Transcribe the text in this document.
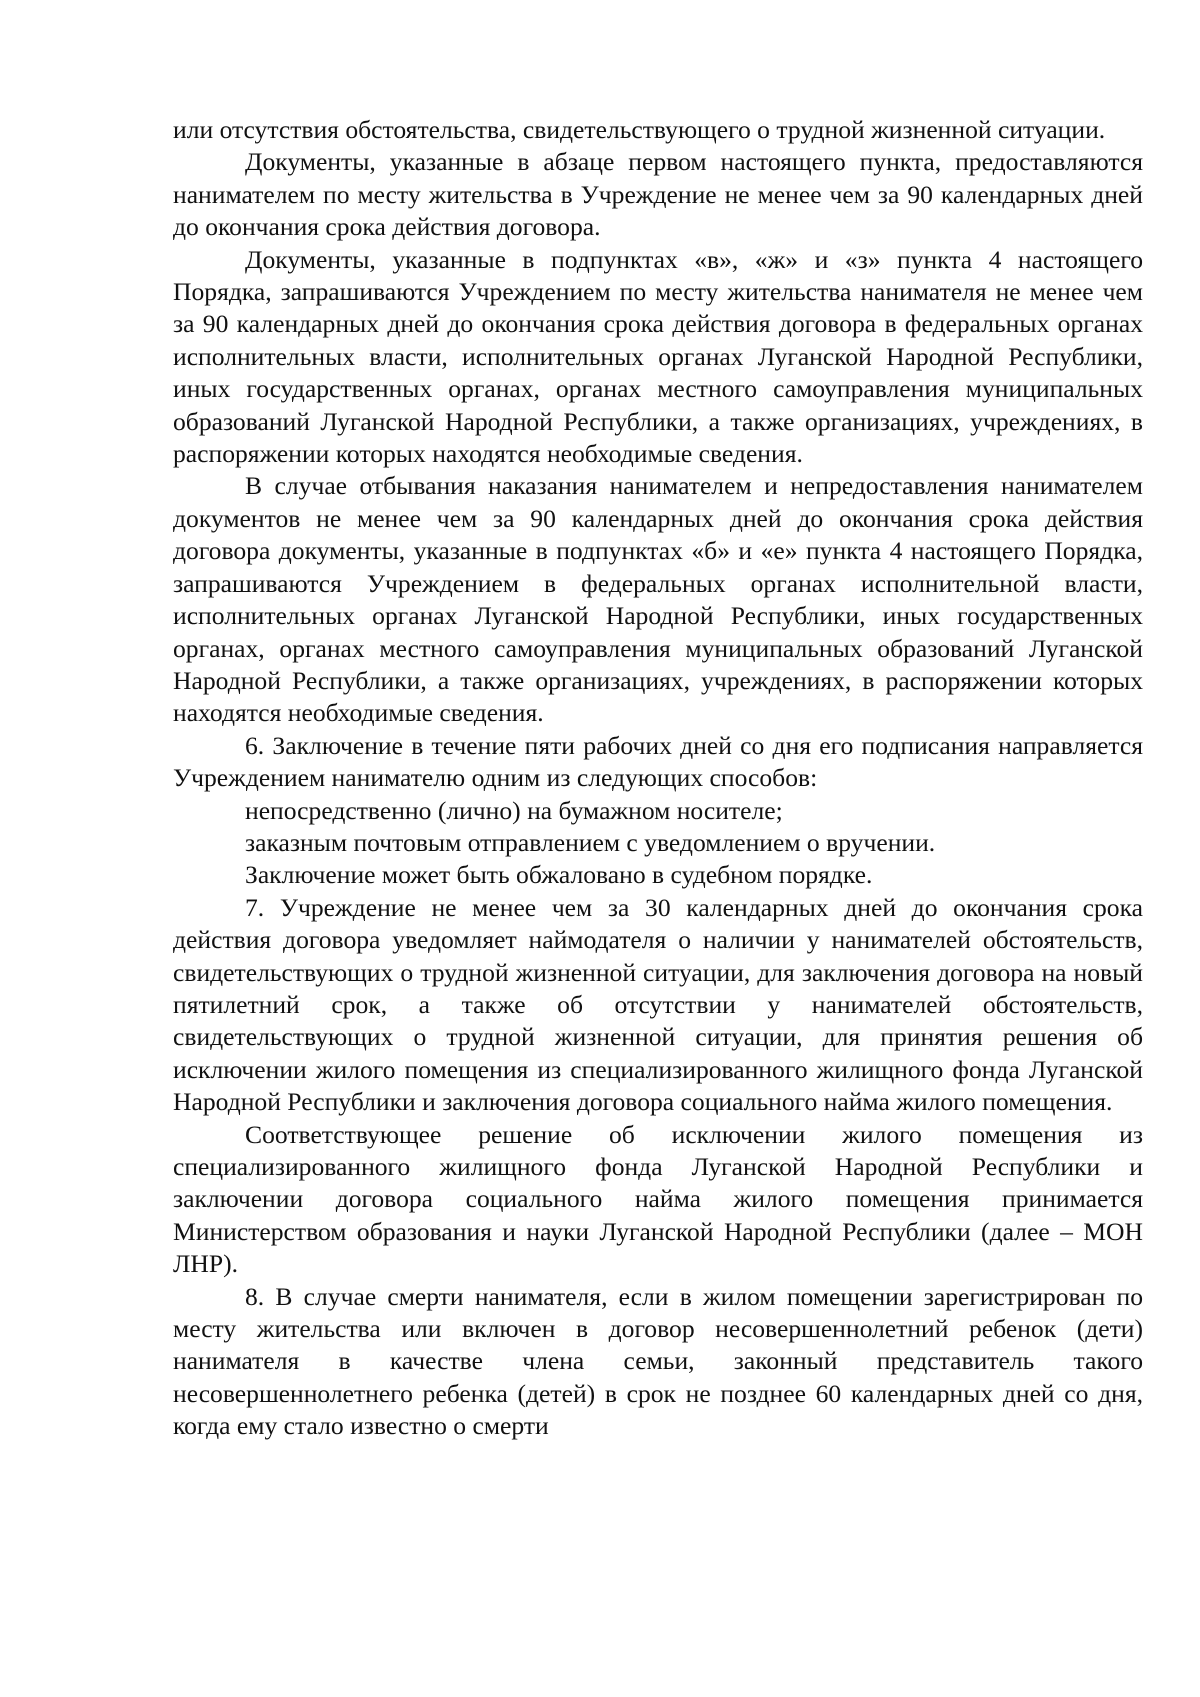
или отсутствия обстоятельства, свидетельствующего о трудной жизненной ситуации.

Документы, указанные в абзаце первом настоящего пункта, предоставляются нанимателем по месту жительства в Учреждение не менее чем за 90 календарных дней до окончания срока действия договора.

Документы, указанные в подпунктах «в», «ж» и «з» пункта 4 настоящего Порядка, запрашиваются Учреждением по месту жительства нанимателя не менее чем за 90 календарных дней до окончания срока действия договора в федеральных органах исполнительных власти, исполнительных органах Луганской Народной Республики, иных государственных органах, органах местного самоуправления муниципальных образований Луганской Народной Республики, а также организациях, учреждениях, в распоряжении которых находятся необходимые сведения.

В случае отбывания наказания нанимателем и непредоставления нанимателем документов не менее чем за 90 календарных дней до окончания срока действия договора документы, указанные в подпунктах «б» и «е» пункта 4 настоящего Порядка, запрашиваются Учреждением в федеральных органах исполнительной власти, исполнительных органах Луганской Народной Республики, иных государственных органах, органах местного самоуправления муниципальных образований Луганской Народной Республики, а также организациях, учреждениях, в распоряжении которых находятся необходимые сведения.

6. Заключение в течение пяти рабочих дней со дня его подписания направляется Учреждением нанимателю одним из следующих способов:

непосредственно (лично) на бумажном носителе;

заказным почтовым отправлением с уведомлением о вручении.

Заключение может быть обжаловано в судебном порядке.

7. Учреждение не менее чем за 30 календарных дней до окончания срока действия договора уведомляет наймодателя о наличии у нанимателей обстоятельств, свидетельствующих о трудной жизненной ситуации, для заключения договора на новый пятилетний срок, а также об отсутствии у нанимателей обстоятельств, свидетельствующих о трудной жизненной ситуации, для принятия решения об исключении жилого помещения из специализированного жилищного фонда Луганской Народной Республики и заключения договора социального найма жилого помещения.

Соответствующее решение об исключении жилого помещения из специализированного жилищного фонда Луганской Народной Республики и заключении договора социального найма жилого помещения принимается Министерством образования и науки Луганской Народной Республики (далее – МОН ЛНР).

8. В случае смерти нанимателя, если в жилом помещении зарегистрирован по месту жительства или включен в договор несовершеннолетний ребенок (дети) нанимателя в качестве члена семьи, законный представитель такого несовершеннолетнего ребенка (детей) в срок не позднее 60 календарных дней со дня, когда ему стало известно о смерти
